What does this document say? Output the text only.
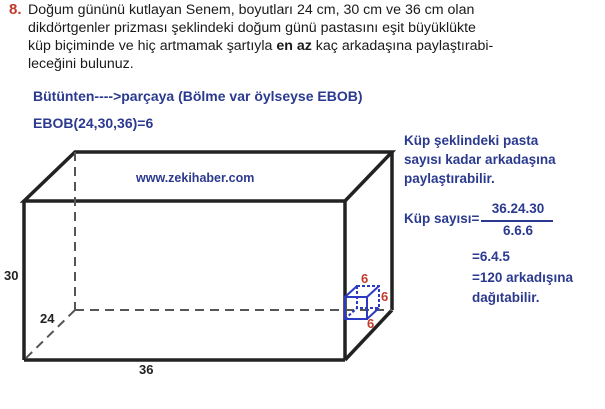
8. Doğum gününü kutlayan Senem, boyutları 24 cm, 30 cm ve 36 cm olan
dikdörtgenler prizması şeklindeki doğum günü pastasını eşit büyüklükte
küp biçiminde ve hiç artmamak şartıyla en az kaç arkadaşına paylaştırabi-
leceğini bulunuz.
Bütünten---->parçaya (Bölme var öylseyse EBOB)
EBOB(24,30,36)=6
www.zekihaber.com
30
24
36
6
6
6
Küp şeklindeki pasta
sayısı kadar arkadaşına
paylaştırabilir.
Küp sayısı=
36.24.30
6.6.6
=6.4.5
=120 arkadışına
dağıtabilir.
